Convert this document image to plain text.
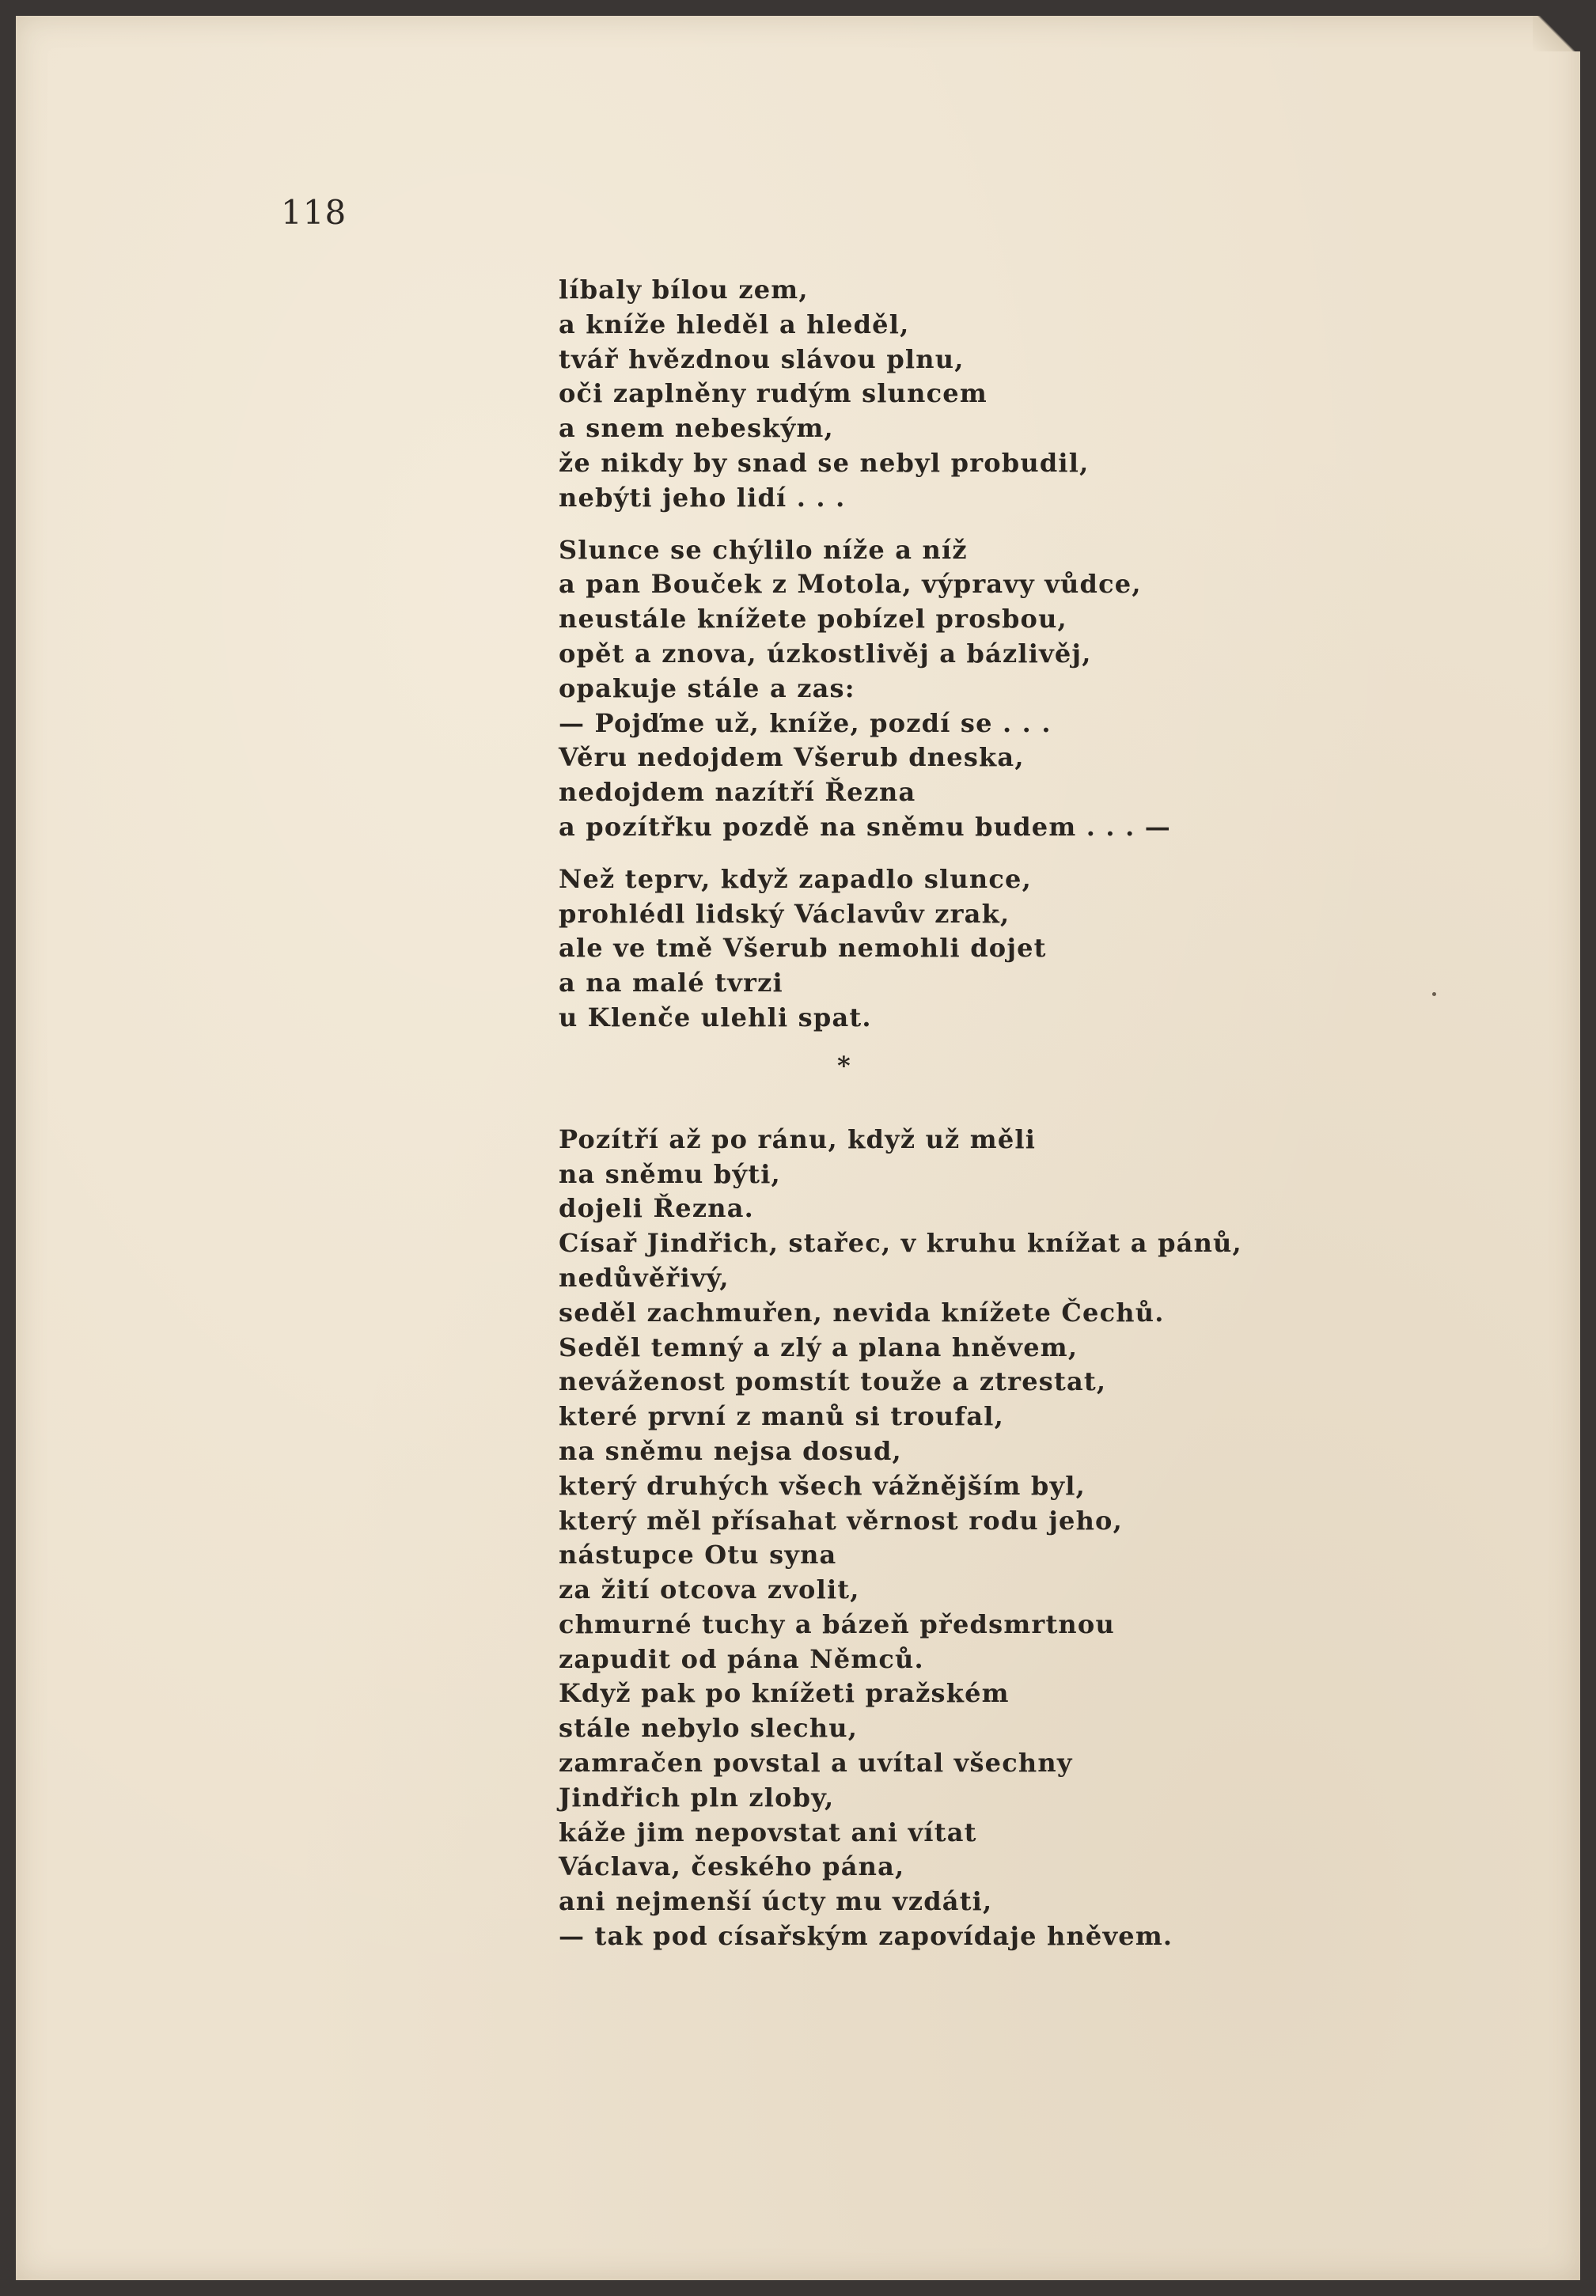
118
líbaly bílou zem,
a kníže hleděl a hleděl,
tvář hvězdnou slávou plnu,
oči zaplněny rudým sluncem
a snem nebeským,
že nikdy by snad se nebyl probudil,
nebýti jeho lidí . . .
Slunce se chýlilo níže a níž
a pan Bouček z Motola, výpravy vůdce,
neustále knížete pobízel prosbou,
opět a znova, úzkostlivěj a bázlivěj,
opakuje stále a zas:
— Pojďme už, kníže, pozdí se . . .
Věru nedojdem Všerub dneska,
nedojdem nazítří Řezna
a pozítřku pozdě na sněmu budem . . . —
Než teprv, když zapadlo slunce,
prohlédl lidský Václavův zrak,
ale ve tmě Všerub nemohli dojet
a na malé tvrzi
u Klenče ulehli spat.
*
Pozítří až po ránu, když už měli
na sněmu býti,
dojeli Řezna.
Císař Jindřich, stařec, v kruhu knížat a pánů,
nedůvěřivý,
seděl zachmuřen, nevida knížete Čechů.
Seděl temný a zlý a plana hněvem,
neváženost pomstít touže a ztrestat,
které první z manů si troufal,
na sněmu nejsa dosud,
který druhých všech vážnějším byl,
který měl přísahat věrnost rodu jeho,
nástupce Otu syna
za žití otcova zvolit,
chmurné tuchy a bázeň předsmrtnou
zapudit od pána Němců.
Když pak po knížeti pražském
stále nebylo slechu,
zamračen povstal a uvítal všechny
Jindřich pln zloby,
káže jim nepovstat ani vítat
Václava, českého pána,
ani nejmenší úcty mu vzdáti,
— tak pod císařským zapovídaje hněvem.
